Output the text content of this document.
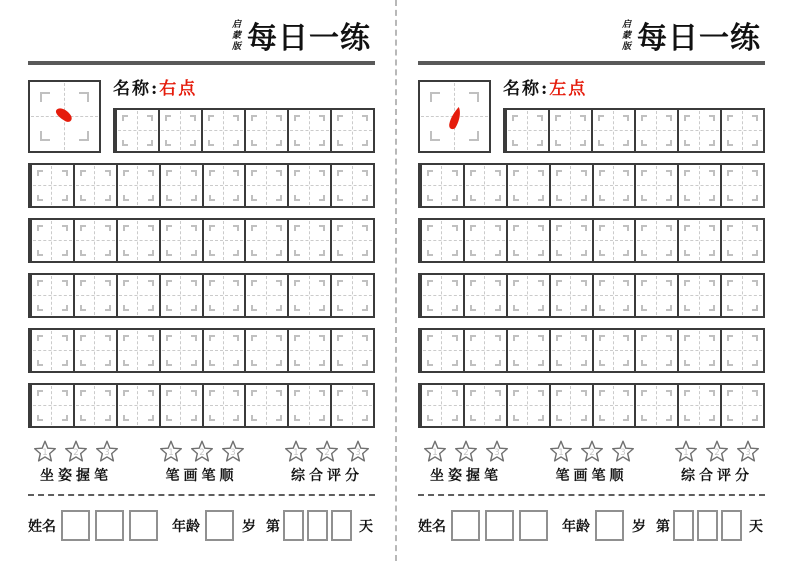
启蒙版 每日一练
名称:右点
1	2	3
坐姿握笔
1	2	3
笔画笔顺
1	2	3
综合评分
姓名	年龄	岁 第	天
启蒙版 每日一练
名称:左点
1	2	3
坐姿握笔
1	2	3
笔画笔顺
1	2	3
综合评分
姓名	年龄	岁 第	天
